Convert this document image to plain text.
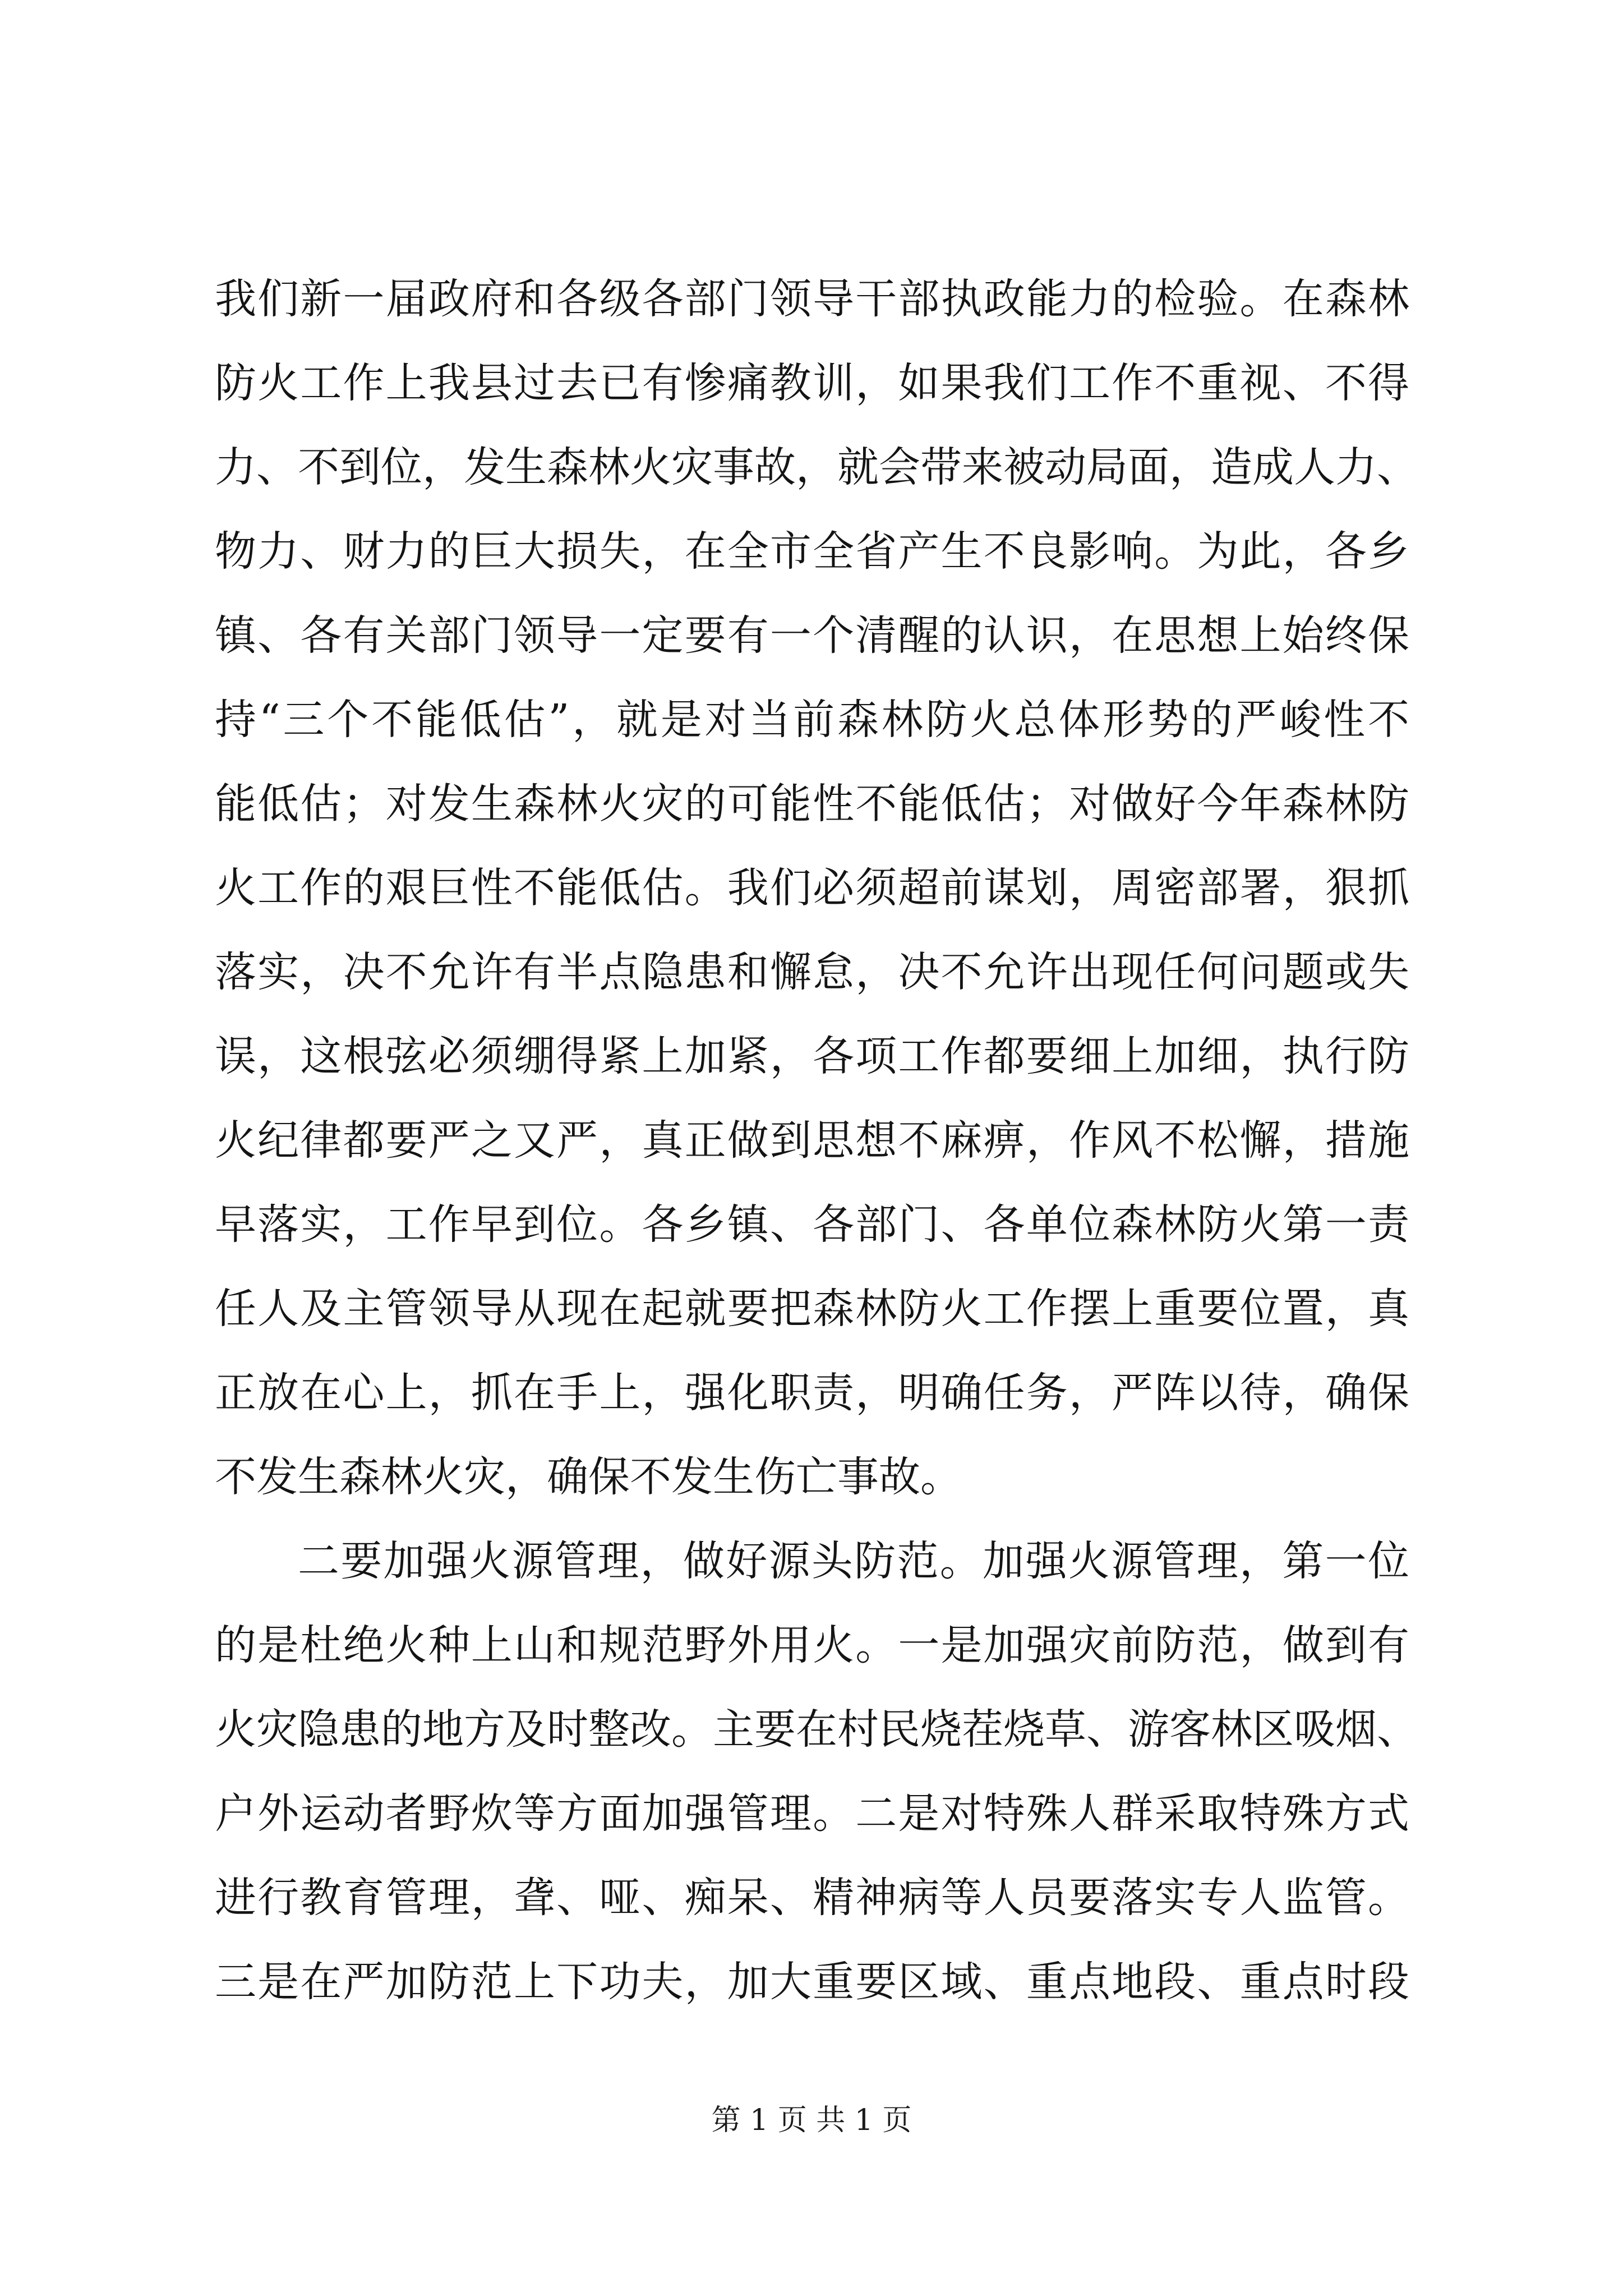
我们新一届政府和各级各部门领导干部执政能力的检验。在森林
防火工作上我县过去已有惨痛教训，如果我们工作不重视、不得
力、不到位，发生森林火灾事故，就会带来被动局面，造成人力、
物力、财力的巨大损失，在全市全省产生不良影响。为此，各乡
镇、各有关部门领导一定要有一个清醒的认识，在思想上始终保
持“三个不能低估”，就是对当前森林防火总体形势的严峻性不
能低估；对发生森林火灾的可能性不能低估；对做好今年森林防
火工作的艰巨性不能低估。我们必须超前谋划，周密部署，狠抓
落实，决不允许有半点隐患和懈怠，决不允许出现任何问题或失
误，这根弦必须绷得紧上加紧，各项工作都要细上加细，执行防
火纪律都要严之又严，真正做到思想不麻痹，作风不松懈，措施
早落实，工作早到位。各乡镇、各部门、各单位森林防火第一责
任人及主管领导从现在起就要把森林防火工作摆上重要位置，真
正放在心上，抓在手上，强化职责，明确任务，严阵以待，确保
不发生森林火灾，确保不发生伤亡事故。
二要加强火源管理，做好源头防范。加强火源管理，第一位
的是杜绝火种上山和规范野外用火。一是加强灾前防范，做到有
火灾隐患的地方及时整改。主要在村民烧茬烧草、游客林区吸烟、
户外运动者野炊等方面加强管理。二是对特殊人群采取特殊方式
进行教育管理，聋、哑、痴呆、精神病等人员要落实专人监管。
三是在严加防范上下功夫，加大重要区域、重点地段、重点时段
第 1 页 共 1 页
